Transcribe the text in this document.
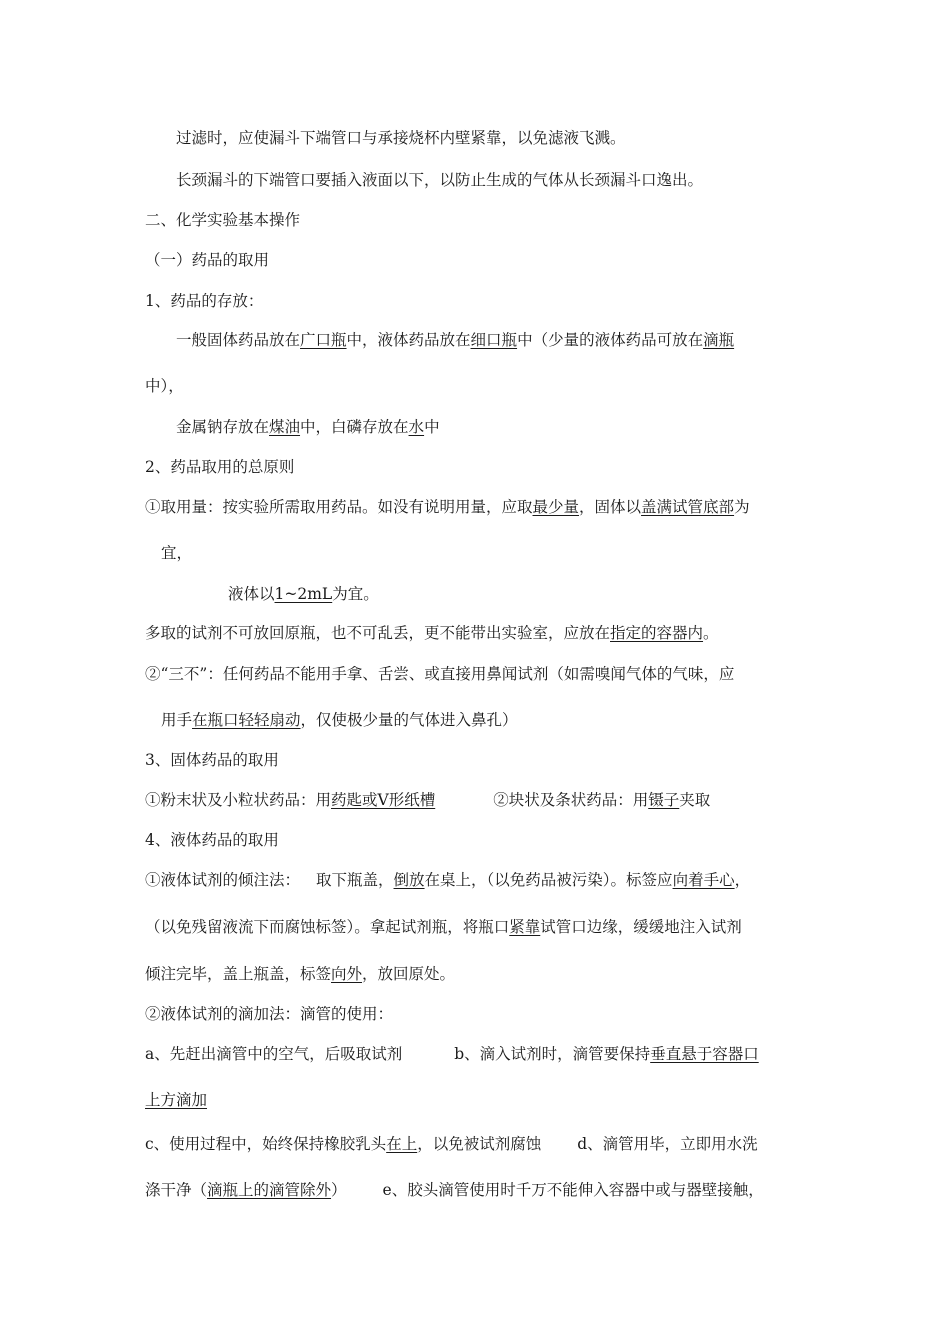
过滤时，应使漏斗下端管口与承接烧杯内壁紧靠，以免滤液飞溅。
长颈漏斗的下端管口要插入液面以下，以防止生成的气体从长颈漏斗口逸出。
二、化学实验基本操作
（一）药品的取用
1、药品的存放：
一般固体药品放在广口瓶中，液体药品放在细口瓶中（少量的液体药品可放在滴瓶
中），
金属钠存放在煤油中，白磷存放在水中
2、药品取用的总原则
①取用量：按实验所需取用药品。如没有说明用量，应取最少量，固体以盖满试管底部为
宜，
液体以1~2mL为宜。
多取的试剂不可放回原瓶，也不可乱丢，更不能带出实验室，应放在指定的容器内。
②“三不”：任何药品不能用手拿、舌尝、或直接用鼻闻试剂（如需嗅闻气体的气味，应
用手在瓶口轻轻扇动，仅使极少量的气体进入鼻孔）
3、固体药品的取用
①粉末状及小粒状药品：用药匙或V形纸槽	②块状及条状药品：用镊子夹取
4、液体药品的取用
①液体试剂的倾注法： 取下瓶盖，倒放在桌上，（以免药品被污染）。标签应向着手心，
（以免残留液流下而腐蚀标签）。拿起试剂瓶，将瓶口紧靠试管口边缘，缓缓地注入试剂
倾注完毕，盖上瓶盖，标签向外，放回原处。
②液体试剂的滴加法：滴管的使用：
a、先赶出滴管中的空气，后吸取试剂	b、滴入试剂时，滴管要保持垂直悬于容器口
上方滴加
c、使用过程中，始终保持橡胶乳头在上，以免被试剂腐蚀 d、滴管用毕，立即用水洗
涤干净（滴瓶上的滴管除外） e、胶头滴管使用时千万不能伸入容器中或与器壁接触，
